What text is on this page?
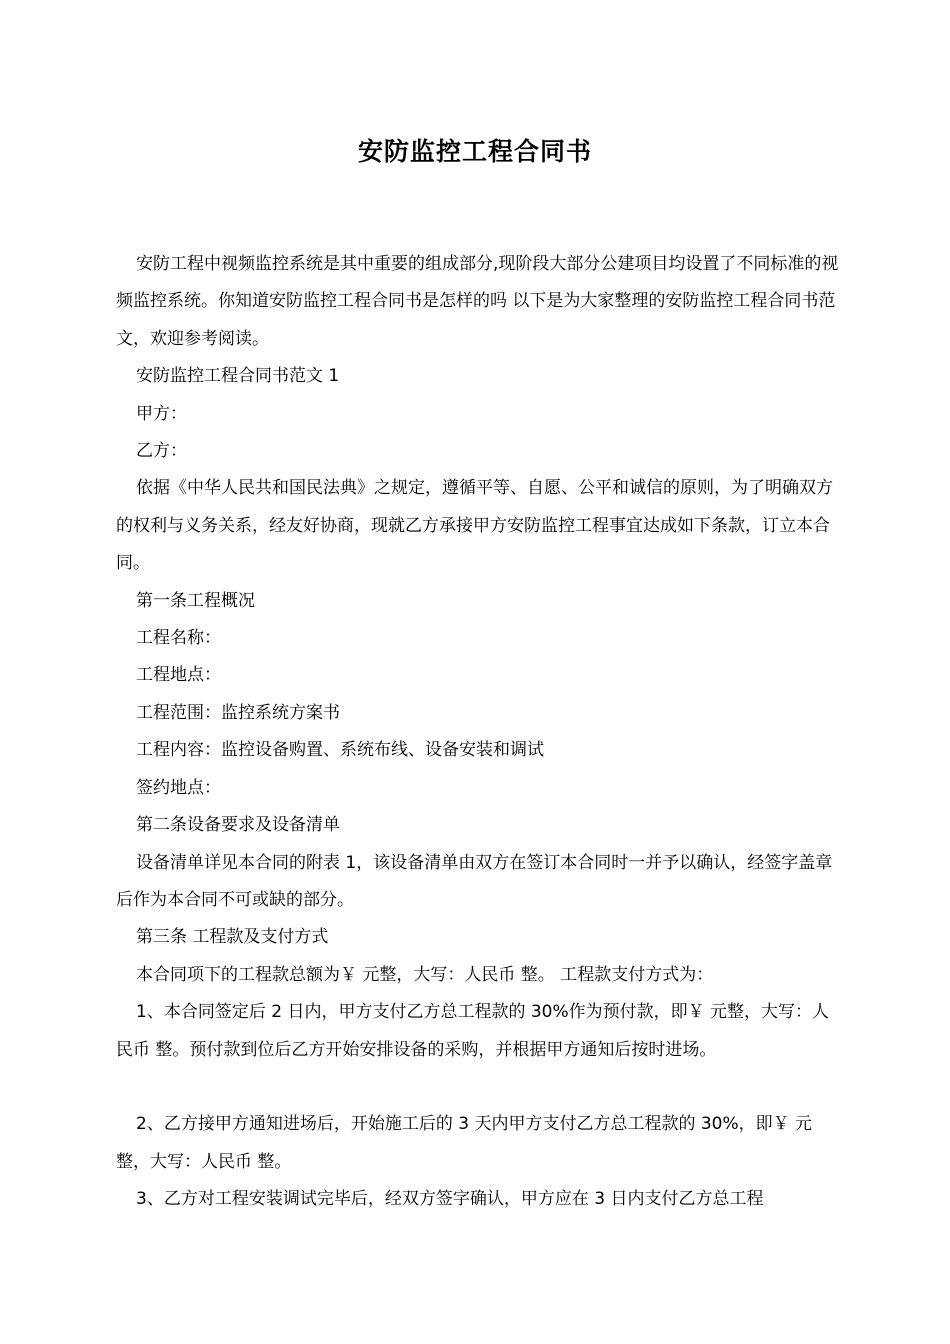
安防监控工程合同书

安防工程中视频监控系统是其中重要的组成部分,现阶段大部分公建项目均设置了不同标准的视频监控系统。你知道安防监控工程合同书是怎样的吗 以下是为大家整理的安防监控工程合同书范文，欢迎参考阅读。

安防监控工程合同书范文 1

甲方：

乙方：

依据《中华人民共和国民法典》之规定，遵循平等、自愿、公平和诚信的原则，为了明确双方的权利与义务关系，经友好协商，现就乙方承接甲方安防监控工程事宜达成如下条款，订立本合同。

第一条工程概况

工程名称：

工程地点：

工程范围：监控系统方案书

工程内容：监控设备购置、系统布线、设备安装和调试

签约地点：

第二条设备要求及设备清单

设备清单详见本合同的附表 1，该设备清单由双方在签订本合同时一并予以确认，经签字盖章后作为本合同不可或缺的部分。

第三条 工程款及支付方式

本合同项下的工程款总额为￥ 元整，大写：人民币 整。 工程款支付方式为：

1、本合同签定后 2 日内，甲方支付乙方总工程款的 30%作为预付款，即￥ 元整，大写：人民币 整。预付款到位后乙方开始安排设备的采购，并根据甲方通知后按时进场。

2、乙方接甲方通知进场后，开始施工后的 3 天内甲方支付乙方总工程款的 30%，即￥ 元整，大写：人民币 整。

3、乙方对工程安装调试完毕后，经双方签字确认，甲方应在 3 日内支付乙方总工程
